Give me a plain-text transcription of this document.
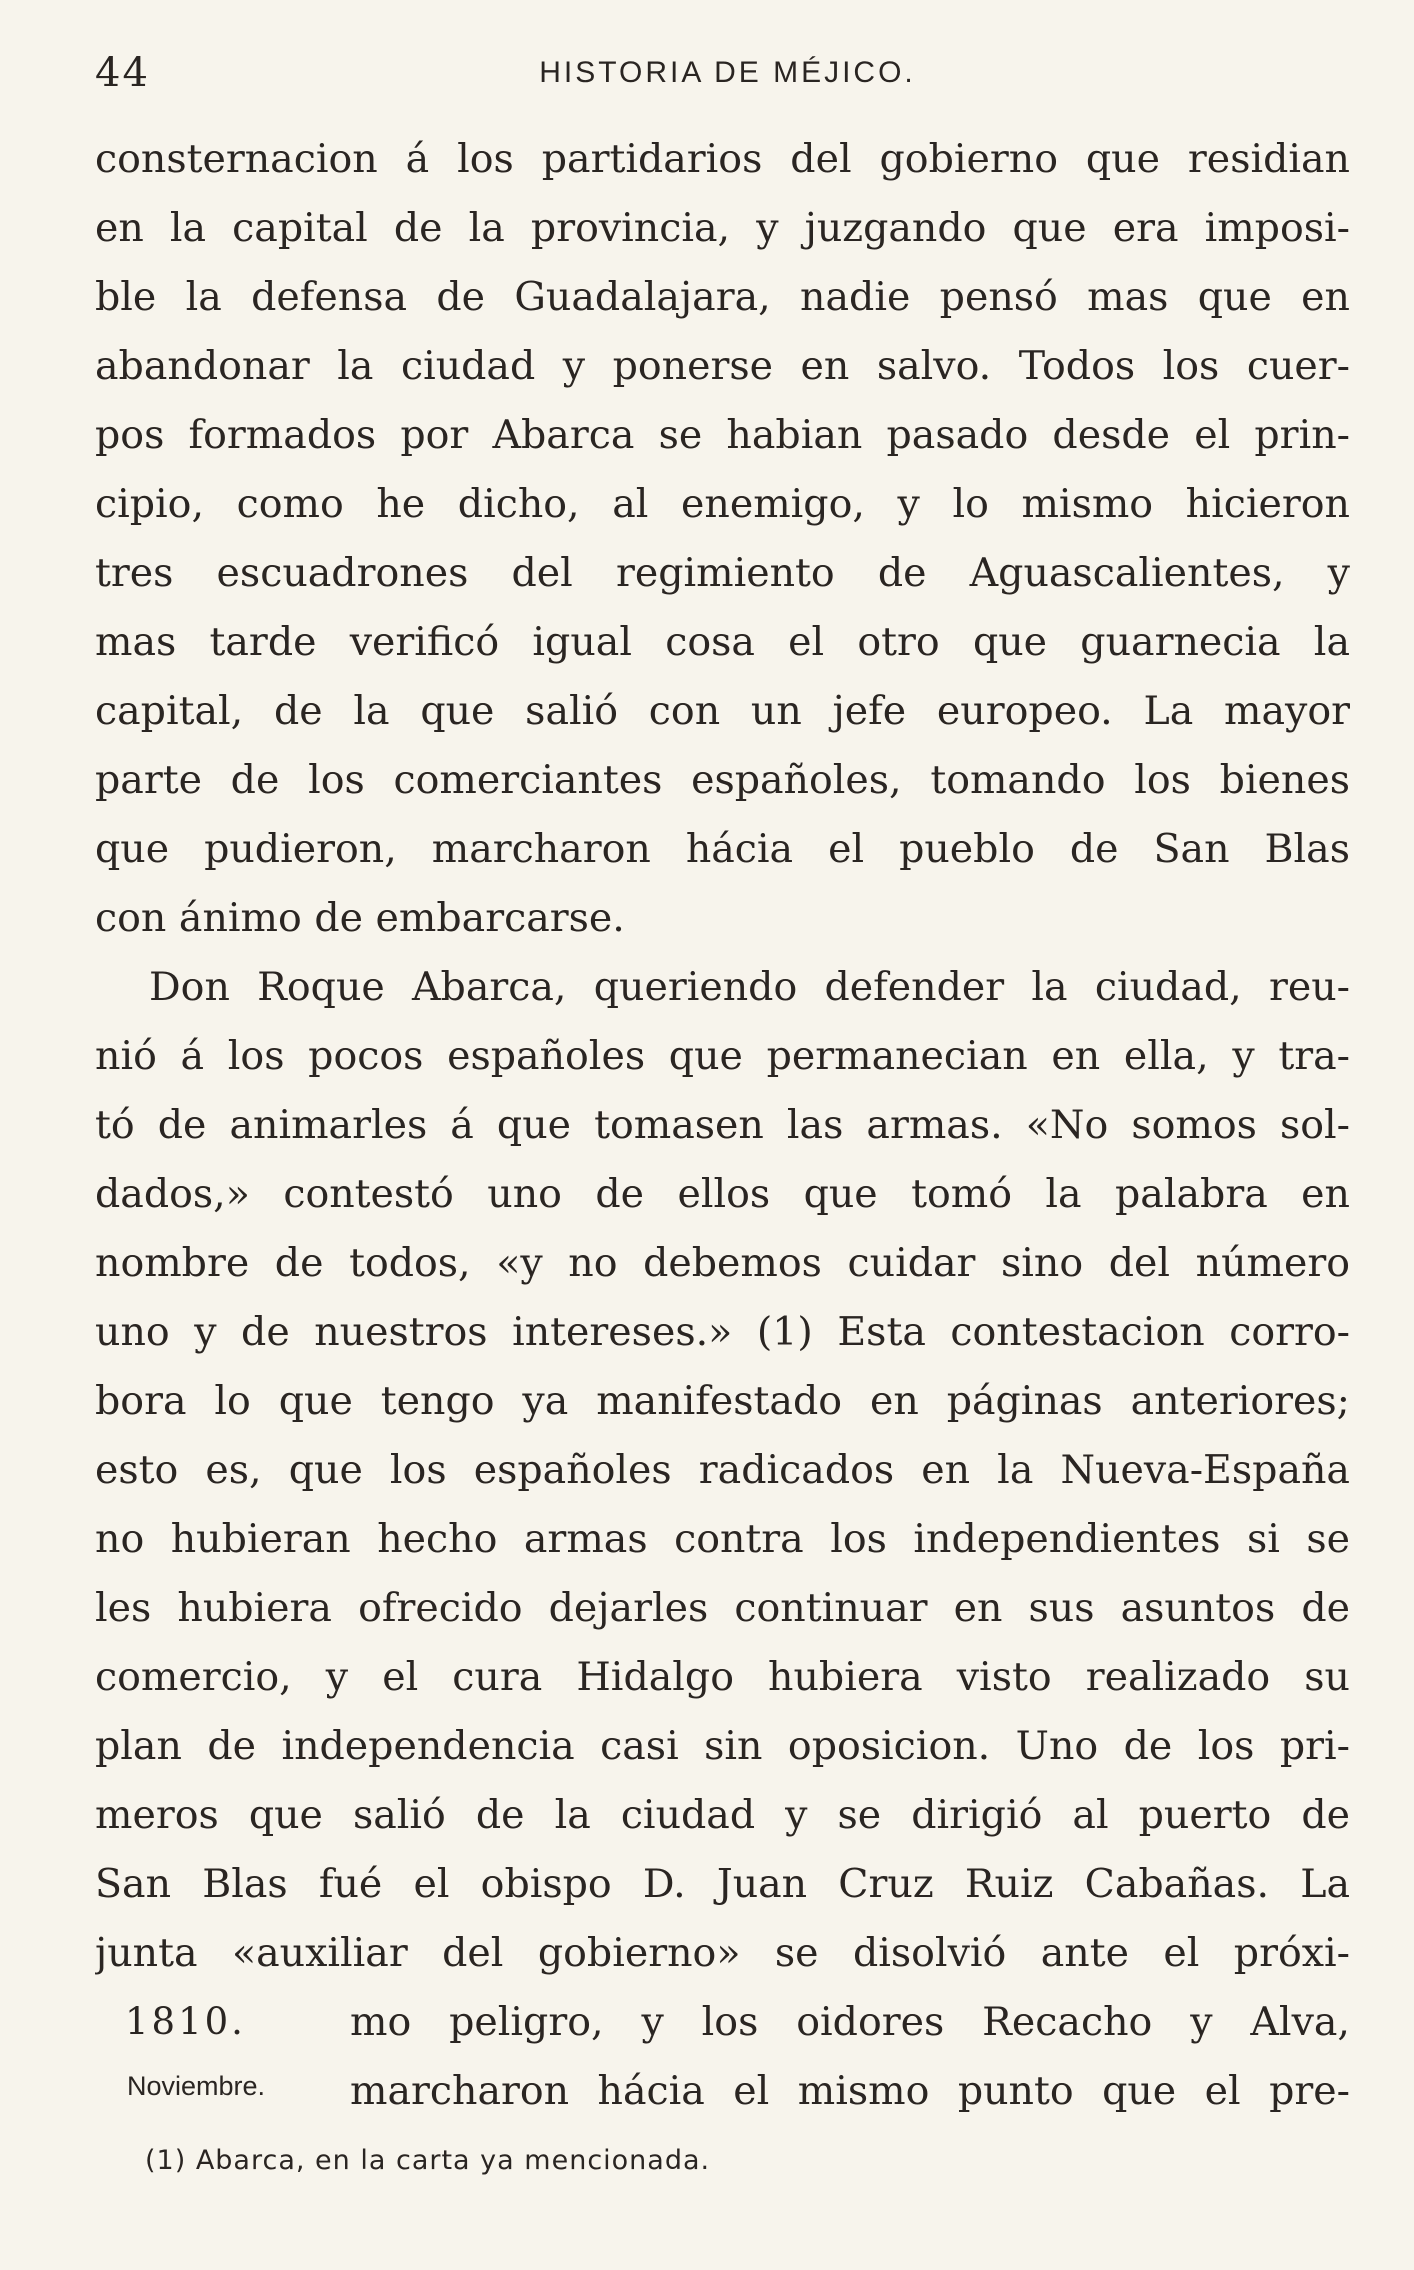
44	HISTORIA DE MÉJICO.
consternacion á los partidarios del gobierno que residian
en la capital de la provincia, y juzgando que era imposi-
ble la defensa de Guadalajara, nadie pensó mas que en
abandonar la ciudad y ponerse en salvo. Todos los cuer-
pos formados por Abarca se habian pasado desde el prin-
cipio, como he dicho, al enemigo, y lo mismo hicieron
tres escuadrones del regimiento de Aguascalientes, y
mas tarde verificó igual cosa el otro que guarnecia la
capital, de la que salió con un jefe europeo. La mayor
parte de los comerciantes españoles, tomando los bienes
que pudieron, marcharon hácia el pueblo de San Blas
con ánimo de embarcarse.
Don Roque Abarca, queriendo defender la ciudad, reu-
nió á los pocos españoles que permanecian en ella, y tra-
tó de animarles á que tomasen las armas. «No somos sol-
dados,» contestó uno de ellos que tomó la palabra en
nombre de todos, «y no debemos cuidar sino del número
uno y de nuestros intereses.» (1) Esta contestacion corro-
bora lo que tengo ya manifestado en páginas anteriores;
esto es, que los españoles radicados en la Nueva-España
no hubieran hecho armas contra los independientes si se
les hubiera ofrecido dejarles continuar en sus asuntos de
comercio, y el cura Hidalgo hubiera visto realizado su
plan de independencia casi sin oposicion. Uno de los pri-
meros que salió de la ciudad y se dirigió al puerto de
San Blas fué el obispo D. Juan Cruz Ruiz Cabañas. La
junta «auxiliar del gobierno» se disolvió ante el próxi-
mo peligro, y los oidores Recacho y Alva,
marcharon hácia el mismo punto que el pre-
1810.
Noviembre.
(1) Abarca, en la carta ya mencionada.
